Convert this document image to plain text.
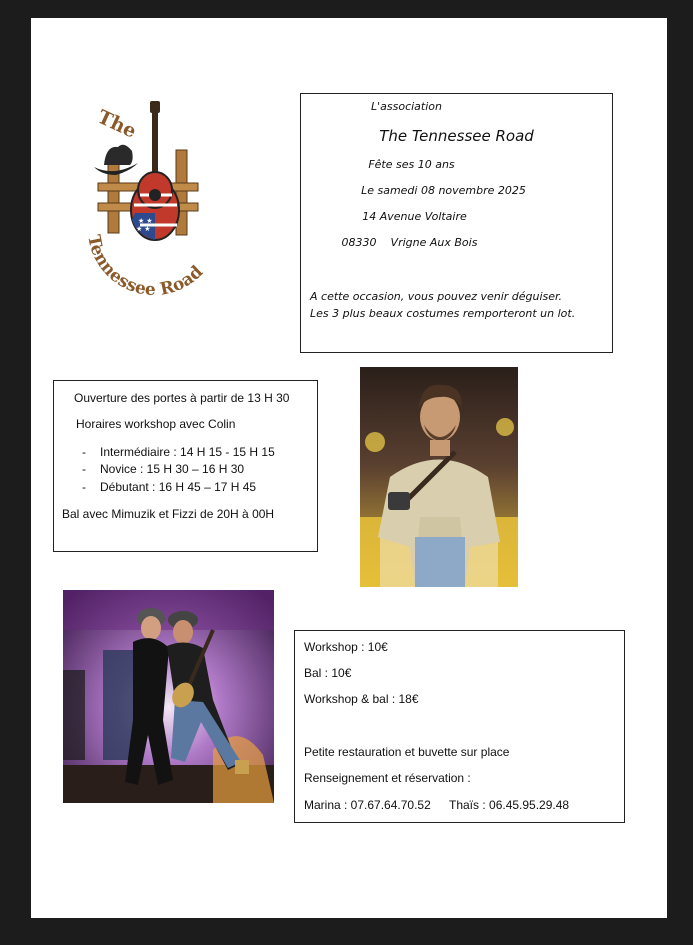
The
★ ★
★ ★
Tennessee Road
L'association
The Tennessee Road
Fête ses 10 ans
Le samedi 08 novembre 2025
14 Avenue Voltaire
08330 Vrigne Aux Bois
A cette occasion, vous pouvez venir déguiser.
Les 3 plus beaux costumes remporteront un lot.
Ouverture des portes à partir de 13 H 30
Horaires workshop avec Colin
- Intermédiaire : 14 H 15 - 15 H 15
- Novice : 15 H 30 – 16 H 30
- Débutant : 16 H 45 – 17 H 45
Bal avec Mimuzik et Fizzi de 20H à 00H
Workshop : 10€
Bal : 10€
Workshop & bal : 18€
Petite restauration et buvette sur place
Renseignement et réservation :
Marina : 07.67.64.70.52 Thaïs : 06.45.95.29.48
